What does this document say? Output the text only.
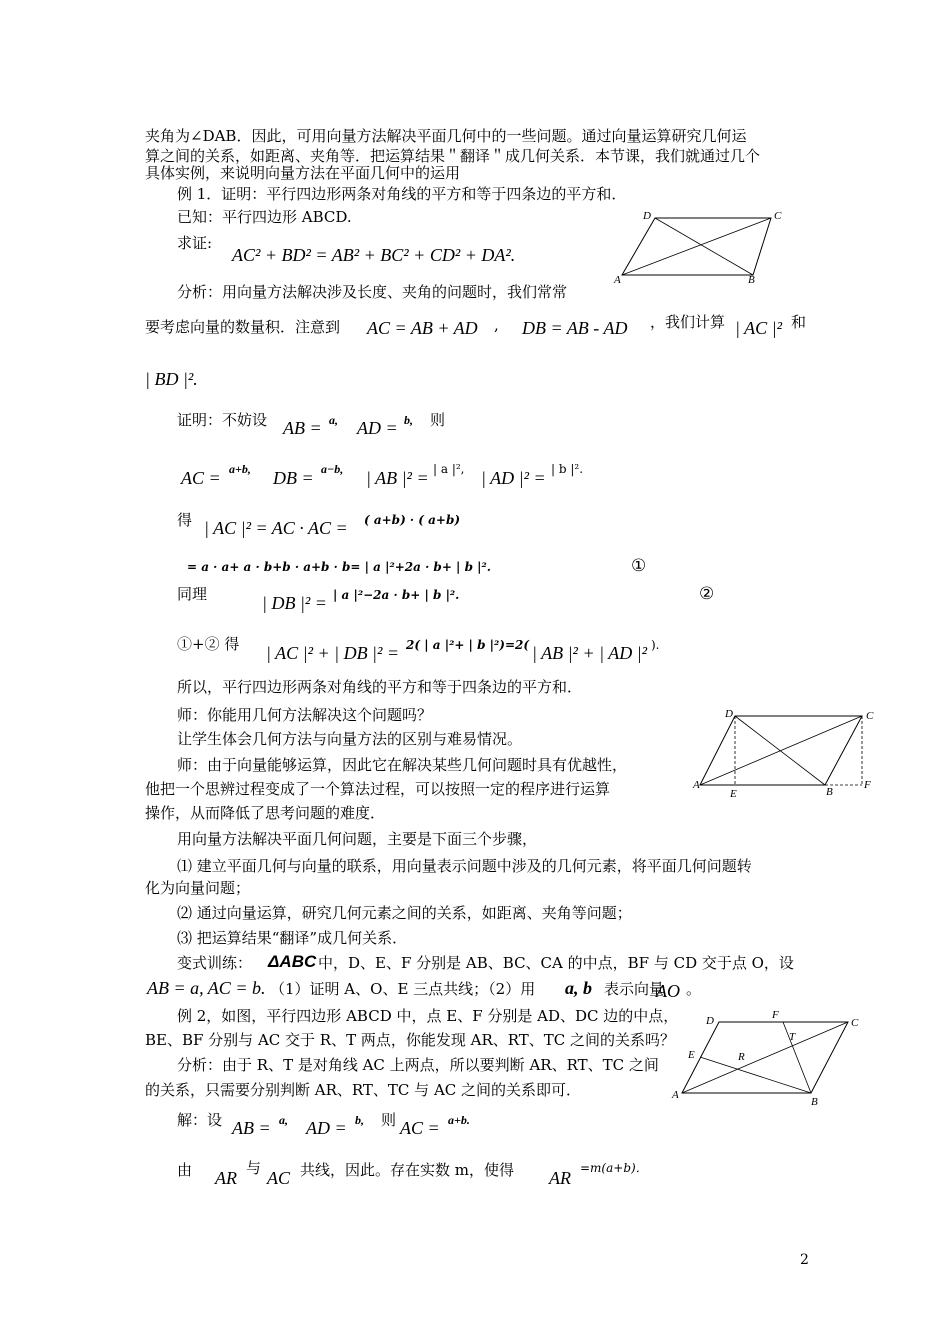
夹角为∠DAB．因此，可用向量方法解决平面几何中的一些问题。通过向量运算研究几何运
算之间的关系，如距离、夹角等．把运算结果＂翻译＂成几何关系．本节课，我们就通过几个
具体实例，来说明向量方法在平面几何中的运用
例 1．证明：平行四边形两条对角线的平方和等于四条边的平方和．
已知：平行四边形 ABCD.
求证:
AC² + BD² = AB² + BC² + CD² + DA².
D	C
A	B
分析：用向量方法解决涉及长度、夹角的问题时，我们常常
要考虑向量的数量积．注意到 AC = AB + AD , DB = AB - AD ，我们计算 | AC |² 和
| BD |².
证明：不妨设 AB = a, AD = b, 则
AC = a+b, DB = a−b, | AB |² = | a |², | AD |² = | b |².
得 | AC |² = AC · AC = ( a+b) · ( a+b)
= a · a+ a · b+b · a+b · b= | a |²+2a · b+ | b |².	①
同理	| DB |² = | a |²−2a · b+ | b |².	②
①+② 得 | AC |² + | DB |² = 2( | a |²+ | b |²)=2( | AB |² + | AD |² ).
所以，平行四边形两条对角线的平方和等于四条边的平方和．
师：你能用几何方法解决这个问题吗？
让学生体会几何方法与向量方法的区别与难易情况。
师：由于向量能够运算，因此它在解决某些几何问题时具有优越性，
他把一个思辨过程变成了一个算法过程，可以按照一定的程序进行运算
操作，从而降低了思考问题的难度．
D	C
A
E	B
F
用向量方法解决平面几何问题，主要是下面三个步骤，
⑴ 建立平面几何与向量的联系，用向量表示问题中涉及的几何元素，将平面几何问题转
化为向量问题；
⑵ 通过向量运算，研究几何元素之间的关系，如距离、夹角等问题；
⑶ 把运算结果“翻译”成几何关系．
变式训练： ΔABC 中，D、E、F 分别是 AB、BC、CA 的中点，BF 与 CD 交于点 O，设
AB = a, AC = b. （1）证明 A、O、E 三点共线；（2）用 a, b 表示向量
AO 。
例 2，如图，平行四边形 ABCD 中，点 E、F 分别是 AD、DC 边的中点，
BE、BF 分别与 AC 交于 R、T 两点，你能发现 AR、RT、TC 之间的关系吗？
分析：由于 R、T 是对角线 AC 上两点，所以要判断 AR、RT、TC 之间
的关系，只需要分别判断 AR、RT、TC 与 AC 之间的关系即可．
D	F
C
T
E	R
A
B
解：设 AB = a, AD = b, 则 AC = a+b.
由 AR 与 AC 共线，因此。存在实数 m，使得 AR =m(a+b)．
2
